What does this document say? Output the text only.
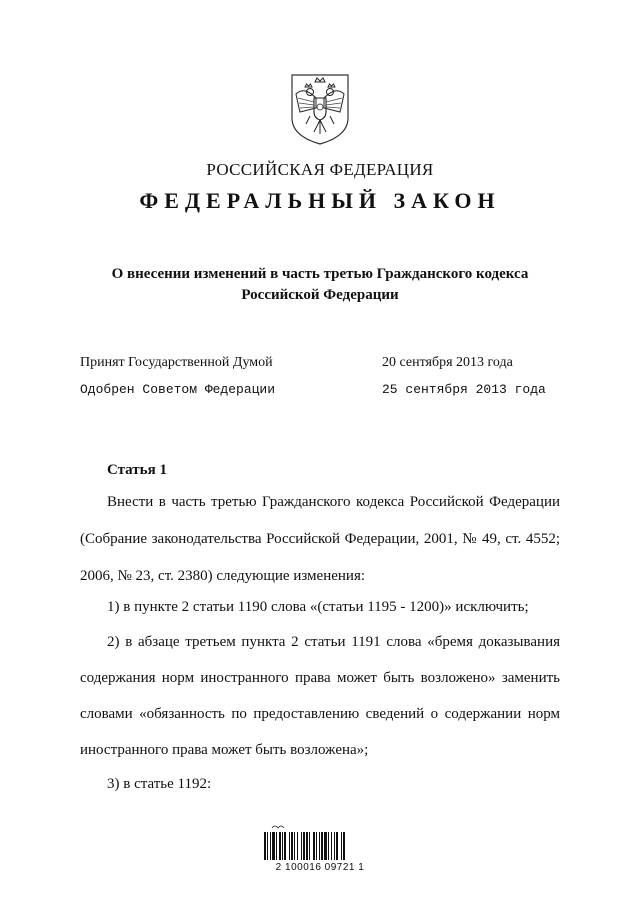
РОССИЙСКАЯ ФЕДЕРАЦИЯ
ФЕДЕРАЛЬНЫЙ ЗАКОН
О внесении изменений в часть третью Гражданского кодекса
Российской Федерации
Принят Государственной Думой	20 сентября 2013 года
Одобрен Советом Федерации	25 сентября 2013 года
Статья 1
Внести в часть третью Гражданского кодекса Российской Федерации
(Собрание законодательства Российской Федерации, 2001, № 49, ст. 4552;
2006, № 23, ст. 2380) следующие изменения:
1) в пункте 2 статьи 1190 слова «(статьи 1195 - 1200)» исключить;
2) в абзаце третьем пункта 2 статьи 1191 слова «бремя доказывания
содержания норм иностранного права может быть возложено» заменить
словами «обязанность по предоставлению сведений о содержании норм
иностранного права может быть возложена»;
3) в статье 1192:
2 100016 09721 1
